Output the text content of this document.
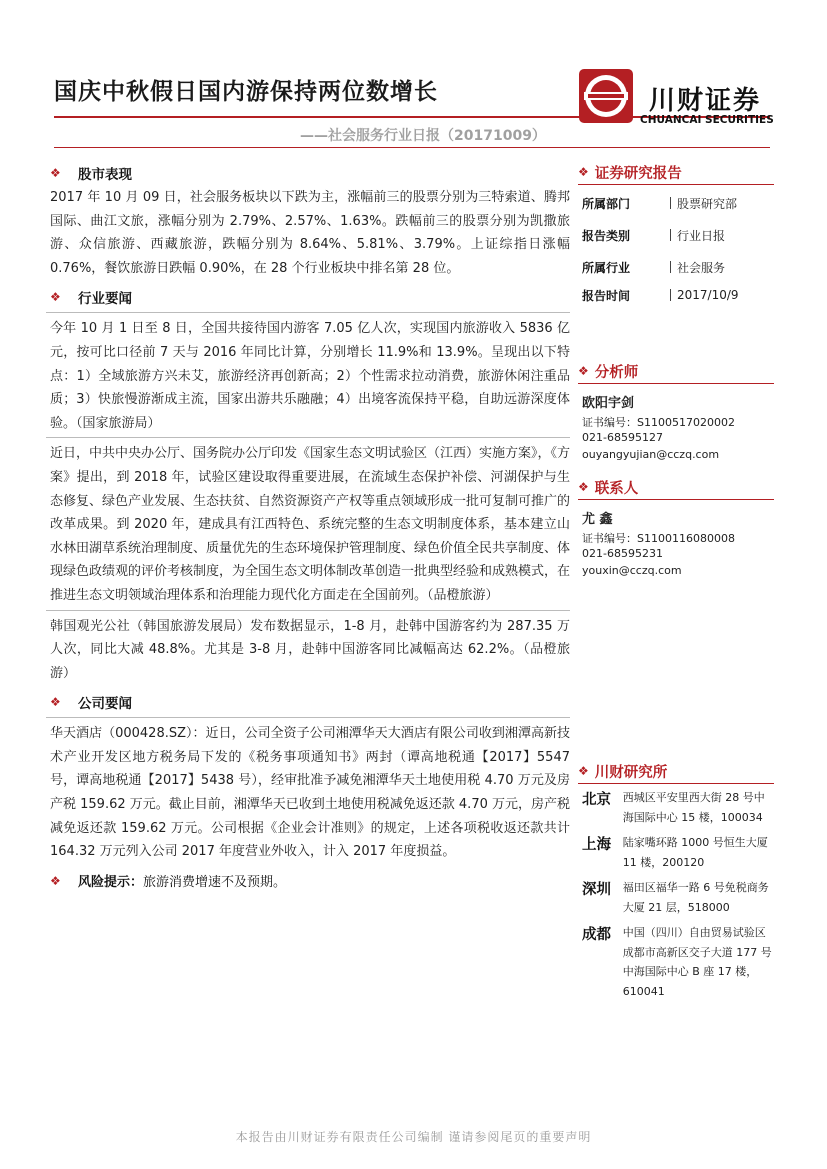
国庆中秋假日国内游保持两位数增长
——社会服务行业日报（20171009）
川财证券
CHUANCAI SECURITIES
❖	股市表现
2017 年 10 月 09 日，社会服务板块以下跌为主，涨幅前三的股票分别为三特索道、腾邦国际、曲江文旅，涨幅分别为 2.79%、2.57%、1.63%。跌幅前三的股票分别为凯撒旅游、众信旅游、西藏旅游，跌幅分别为 8.64%、5.81%、3.79%。上证综指日涨幅 0.76%，餐饮旅游日跌幅 0.90%，在 28 个行业板块中排名第 28 位。
❖	行业要闻
今年 10 月 1 日至 8 日，全国共接待国内游客 7.05 亿人次，实现国内旅游收入 5836 亿元，按可比口径前 7 天与 2016 年同比计算，分别增长 11.9%和 13.9%。呈现出以下特点：1）全域旅游方兴未艾，旅游经济再创新高；2）个性需求拉动消费，旅游休闲注重品质；3）快旅慢游渐成主流，国家出游共乐融融；4）出境客流保持平稳，自助远游深度体验。（国家旅游局）
近日，中共中央办公厅、国务院办公厅印发《国家生态文明试验区（江西）实施方案》，《方案》提出，到 2018 年，试验区建设取得重要进展，在流域生态保护补偿、河湖保护与生态修复、绿色产业发展、生态扶贫、自然资源资产产权等重点领域形成一批可复制可推广的改革成果。到 2020 年，建成具有江西特色、系统完整的生态文明制度体系，基本建立山水林田湖草系统治理制度、质量优先的生态环境保护管理制度、绿色价值全民共享制度、体现绿色政绩观的评价考核制度，为全国生态文明体制改革创造一批典型经验和成熟模式，在推进生态文明领域治理体系和治理能力现代化方面走在全国前列。（品橙旅游）
韩国观光公社（韩国旅游发展局）发布数据显示，1-8 月，赴韩中国游客约为 287.35 万人次，同比大减 48.8%。尤其是 3-8 月，赴韩中国游客同比减幅高达 62.2%。（品橙旅游）
❖	公司要闻
华天酒店（000428.SZ）：近日，公司全资子公司湘潭华天大酒店有限公司收到湘潭高新技术产业开发区地方税务局下发的《税务事项通知书》两封（谭高地税通【2017】5547 号，谭高地税通【2017】5438 号），经审批准予减免湘潭华天土地使用税 4.70 万元及房产税 159.62 万元。截止目前，湘潭华天已收到土地使用税减免返还款 4.70 万元，房产税减免返还款 159.62 万元。公司根据《企业会计准则》的规定，上述各项税收返还款共计 164.32 万元列入公司 2017 年度营业外收入，计入 2017 年度损益。
❖	风险提示： 旅游消费增速不及预期。
❖ 证券研究报告
所属部门	股票研究部
报告类别	行业日报
所属行业	社会服务
报告时间	2017/10/9
❖ 分析师
欧阳宇剑
证书编号：S1100517020002
021-68595127
ouyangyujian@cczq.com
❖ 联系人
尤 鑫
证书编号：S1100116080008
021-68595231
youxin@cczq.com
❖ 川财研究所
北京	西城区平安里西大街 28 号中海国际中心 15 楼，100034
上海	陆家嘴环路 1000 号恒生大厦 11 楼，200120
深圳	福田区福华一路 6 号免税商务大厦 21 层，518000
成都	中国（四川）自由贸易试验区成都市高新区交子大道 177 号中海国际中心 B 座 17 楼，610041
本报告由川财证券有限责任公司编制 谨请参阅尾页的重要声明
